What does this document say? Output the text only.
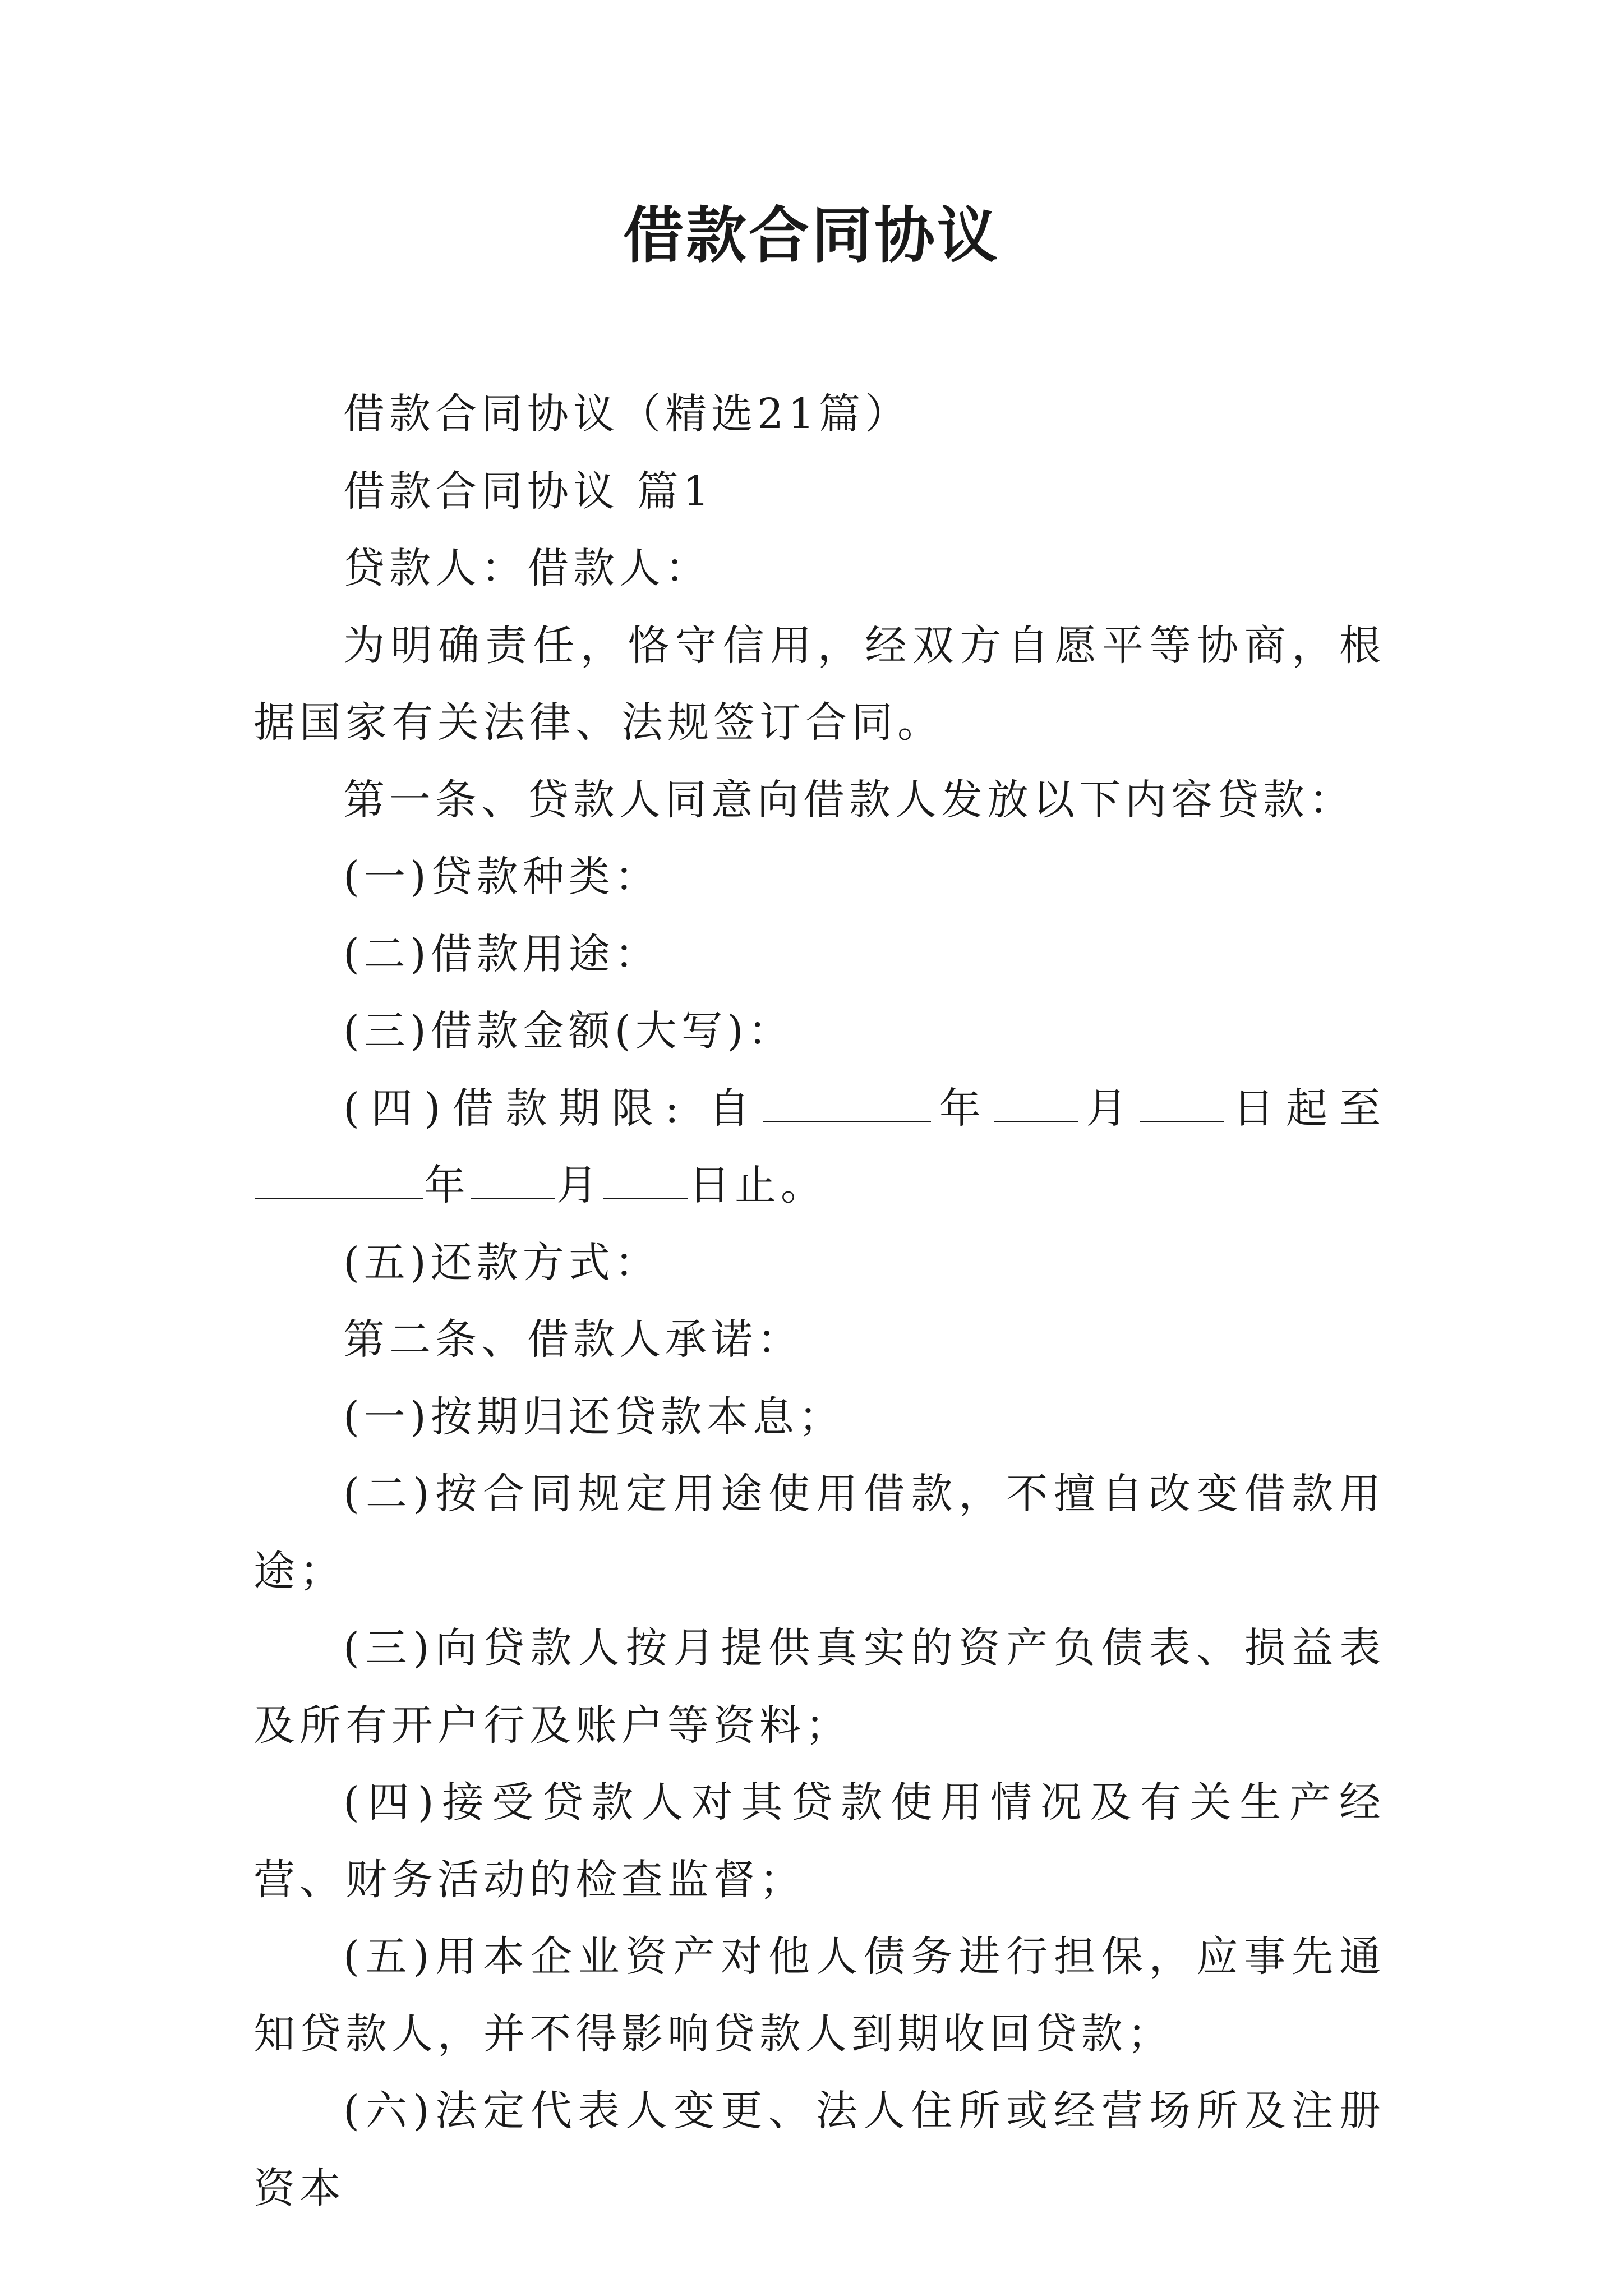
借款合同协议

借款合同协议（精选21篇）

借款合同协议 篇1

贷款人：借款人：

为明确责任，恪守信用，经双方自愿平等协商，根据国家有关法律、法规签订合同。

第一条、贷款人同意向借款人发放以下内容贷款：

(一)贷款种类：

(二)借款用途：

(三)借款金额(大写)：

(四)借款期限: 自	年 月 日起至年 月 日止。

(五)还款方式：

第二条、借款人承诺：

(一)按期归还贷款本息；

(二)按合同规定用途使用借款，不擅自改变借款用途；

(三)向贷款人按月提供真实的资产负债表、损益表及所有开户行及账户等资料；

(四)接受贷款人对其贷款使用情况及有关生产经营、财务活动的检查监督；

(五)用本企业资产对他人债务进行担保，应事先通知贷款人，并不得影响贷款人到期收回贷款；

(六)法定代表人变更、法人住所或经营场所及注册资本
